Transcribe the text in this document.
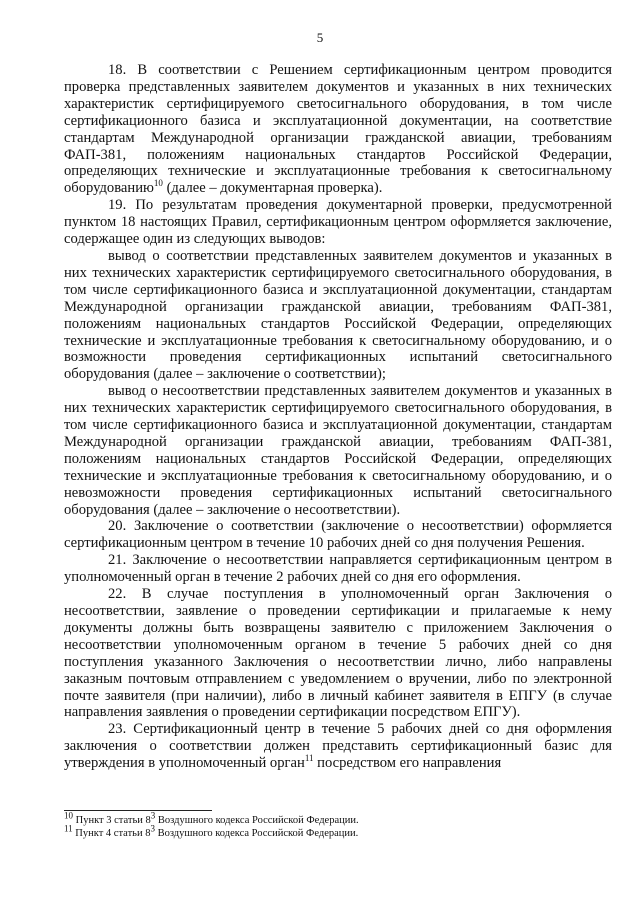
5

18. В соответствии с Решением сертификационным центром проводится проверка представленных заявителем документов и указанных в них технических характеристик сертифицируемого светосигнального оборудования, в том числе сертификационного базиса и эксплуатационной документации, на соответствие стандартам Международной организации гражданской авиации, требованиям ФАП-381, положениям национальных стандартов Российской Федерации, определяющих технические и эксплуатационные требования к светосигнальному оборудованию$^{10}$ (далее – документарная проверка).

19. По результатам проведения документарной проверки, предусмотренной пунктом 18 настоящих Правил, сертификационным центром оформляется заключение, содержащее один из следующих выводов:

вывод о соответствии представленных заявителем документов и указанных в них технических характеристик сертифицируемого светосигнального оборудования, в том числе сертификационного базиса и эксплуатационной документации, стандартам Международной организации гражданской авиации, требованиям ФАП-381, положениям национальных стандартов Российской Федерации, определяющих технические и эксплуатационные требования к светосигнальному оборудованию, и о возможности проведения сертификационных испытаний светосигнального оборудования (далее – заключение о соответствии);

вывод о несоответствии представленных заявителем документов и указанных в них технических характеристик сертифицируемого светосигнального оборудования, в том числе сертификационного базиса и эксплуатационной документации, стандартам Международной организации гражданской авиации, требованиям ФАП-381, положениям национальных стандартов Российской Федерации, определяющих технические и эксплуатационные требования к светосигнальному оборудованию, и о невозможности проведения сертификационных испытаний светосигнального оборудования (далее – заключение о несоответствии).

20. Заключение о соответствии (заключение о несоответствии) оформляется сертификационным центром в течение 10 рабочих дней со дня получения Решения.

21. Заключение о несоответствии направляется сертификационным центром в уполномоченный орган в течение 2 рабочих дней со дня его оформления.

22. В случае поступления в уполномоченный орган Заключения о несоответствии, заявление о проведении сертификации и прилагаемые к нему документы должны быть возвращены заявителю с приложением Заключения о несоответствии уполномоченным органом в течение 5 рабочих дней со дня поступления указанного Заключения о несоответствии лично, либо направлены заказным почтовым отправлением с уведомлением о вручении, либо по электронной почте заявителя (при наличии), либо в личный кабинет заявителя в ЕПГУ (в случае направления заявления о проведении сертификации посредством ЕПГУ).

23. Сертификационный центр в течение 5 рабочих дней со дня оформления заключения о соответствии должен представить сертификационный базис для утверждения в уполномоченный орган$^{11}$ посредством его направления

$^{10}$ Пункт 3 статьи $8^3$ Воздушного кодекса Российской Федерации.
$^{11}$ Пункт 4 статьи $8^3$ Воздушного кодекса Российской Федерации.
